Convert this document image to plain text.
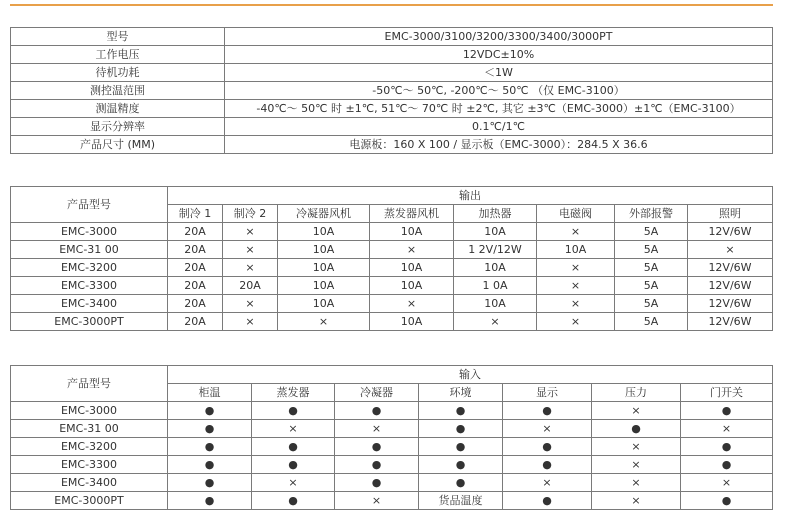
型号	EMC-3000/3100/3200/3300/3400/3000PT
工作电压	12VDC±10%
待机功耗	＜1W
测控温范围	-50℃～ 50℃, -200℃～ 50℃ （仅 EMC-3100）
测温精度	-40℃～ 50℃ 时 ±1℃, 51℃～ 70℃ 时 ±2℃, 其它 ±3℃（EMC-3000）±1℃（EMC-3100）
显示分辨率	0.1℃/1℃
产品尺寸 (MM)	电源板：160 X 100 / 显示板（EMC-3000）：284.5 X 36.6
产品型号	输出							
	制冷 1	制冷 2	冷凝器风机	蒸发器风机	加热器	电磁阀	外部报警	照明
EMC-3000	20A	×	10A	10A	10A	×	5A	12V/6W
EMC-31 00	20A	×	10A	×	1 2V/12W	10A	5A	×
EMC-3200	20A	×	10A	10A	10A	×	5A	12V/6W
EMC-3300	20A	20A	10A	10A	1 0A	×	5A	12V/6W
EMC-3400	20A	×	10A	×	10A	×	5A	12V/6W
EMC-3000PT	20A	×	×	10A	×	×	5A	12V/6W
产品型号	输入						
	柜温	蒸发器	冷凝器	环境	显示	压力	门开关
EMC-3000	●	●	●	●	●	×	●
EMC-31 00	●	×	×	●	×	●	×
EMC-3200	●	●	●	●	●	×	●
EMC-3300	●	●	●	●	●	×	●
EMC-3400	●	×	●	●	×	×	×
EMC-3000PT	●	●	×	货品温度	●	×	●
